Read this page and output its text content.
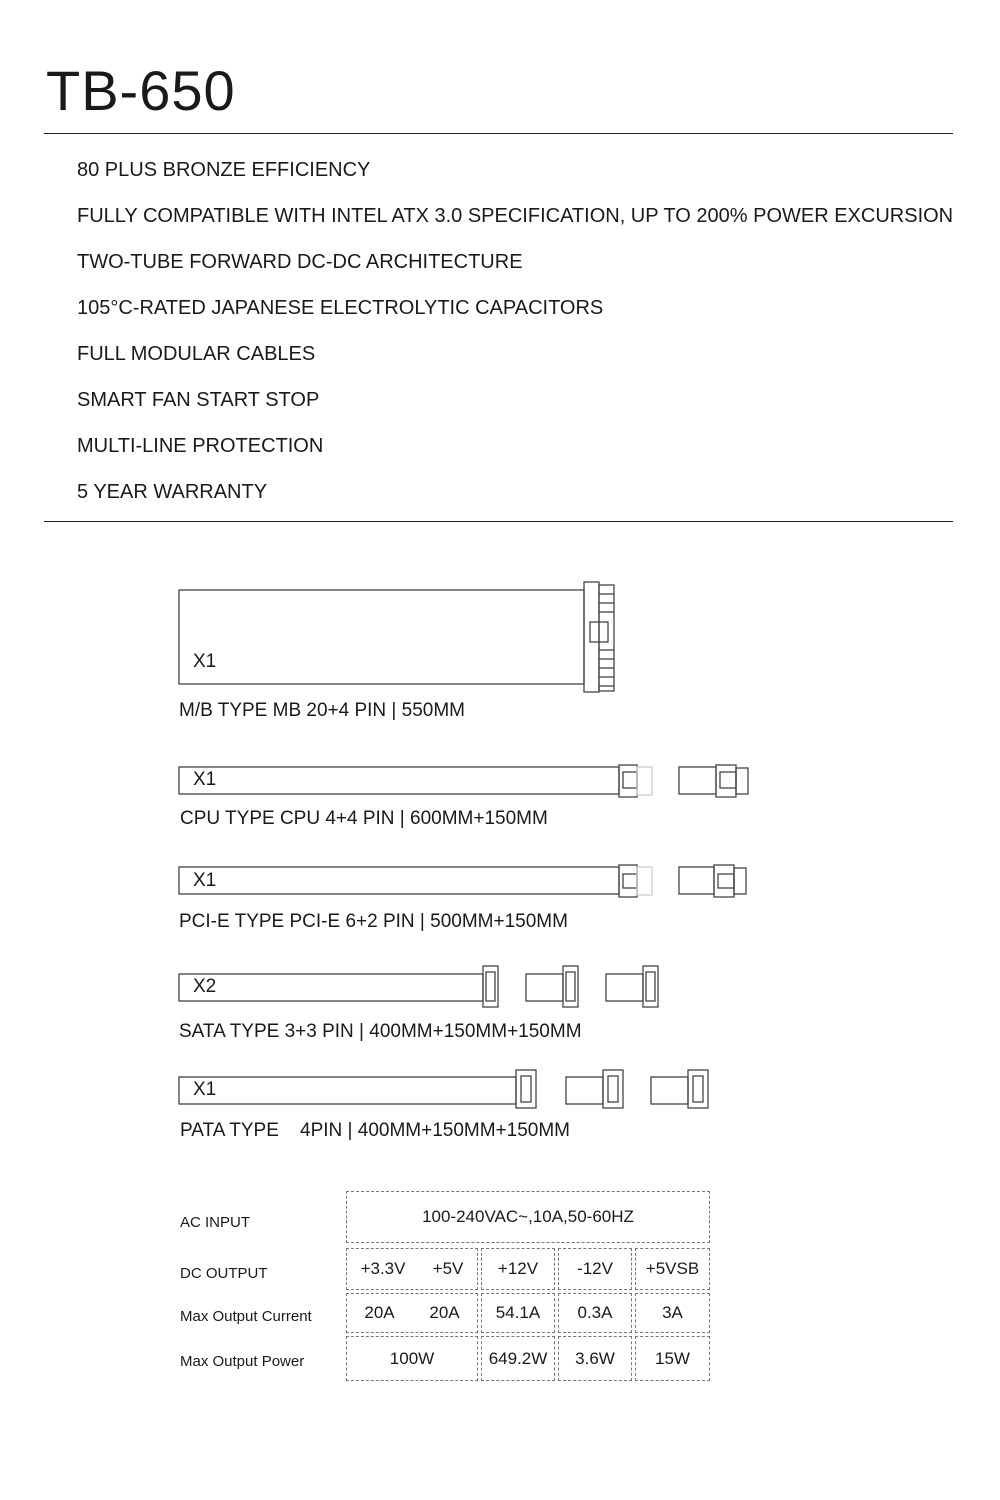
TB-650
80 PLUS BRONZE EFFICIENCY
FULLY COMPATIBLE WITH INTEL ATX 3.0 SPECIFICATION, UP TO 200% POWER EXCURSION
TWO-TUBE FORWARD DC-DC ARCHITECTURE
105°C-RATED JAPANESE ELECTROLYTIC CAPACITORS
FULL MODULAR CABLES
SMART FAN START STOP
MULTI-LINE PROTECTION
5 YEAR WARRANTY
X1
M/B TYPE MB 20+4 PIN | 550MM
X1
CPU TYPE CPU 4+4 PIN | 600MM+150MM
X1
PCI-E TYPE PCI-E 6+2 PIN | 500MM+150MM
X2
SATA TYPE 3+3 PIN | 400MM+150MM+150MM
X1
PATA TYPE    4PIN | 400MM+150MM+150MM
AC INPUT
DC OUTPUT
Max Output Current
Max Output Power
100-240VAC~,10A,50-60HZ
+3.3V +5V +12V -12V +5VSB
20A 20A 54.1A 0.3A	3A
100W	649.2W 3.6W 15W
